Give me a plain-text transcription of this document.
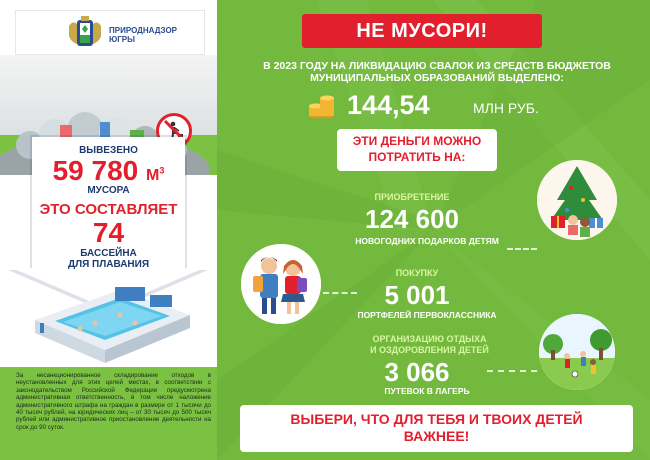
ПРИРОДНАДЗОР
ЮГРЫ
ВЫВЕЗЕНО
59 780 $М^3$
МУСОРА
ЭТО СОСТАВЛЯЕТ
74
БАССЕЙНА
ДЛЯ ПЛАВАНИЯ
За несанкционированное складирование отходов в неустановленных для этих целей местах, в соответствии с законодательством Российской Федерации предусмотрена административная ответственность, в том числе наложение административного штрафа на граждан в размере от 1 тысячи до 40 тысяч рублей, на юридических лиц – от 30 тысяч до 500 тысяч рублей или административное приостановление деятельности на срок до 90 суток.
НЕ МУСОРИ!
В 2023 ГОДУ НА ЛИКВИДАЦИЮ СВАЛОК ИЗ СРЕДСТВ БЮДЖЕТОВ
МУНИЦИПАЛЬНЫХ ОБРАЗОВАНИЙ ВЫДЕЛЕНО:
144,54	МЛН РУБ.
ЭТИ ДЕНЬГИ МОЖНО
ПОТРАТИТЬ НА:
ПРИОБРЕТЕНИЕ
124 600
НОВОГОДНИХ ПОДАРКОВ ДЕТЯМ
ПОКУПКУ
5 001
ПОРТФЕЛЕЙ ПЕРВОКЛАССНИКА
ОРГАНИЗАЦИЮ ОТДЫХА
И ОЗДОРОВЛЕНИЯ ДЕТЕЙ
3 066
ПУТЕВОК В ЛАГЕРЬ
ВЫБЕРИ, ЧТО ДЛЯ ТЕБЯ И ТВОИХ ДЕТЕЙ
ВАЖНЕЕ!
